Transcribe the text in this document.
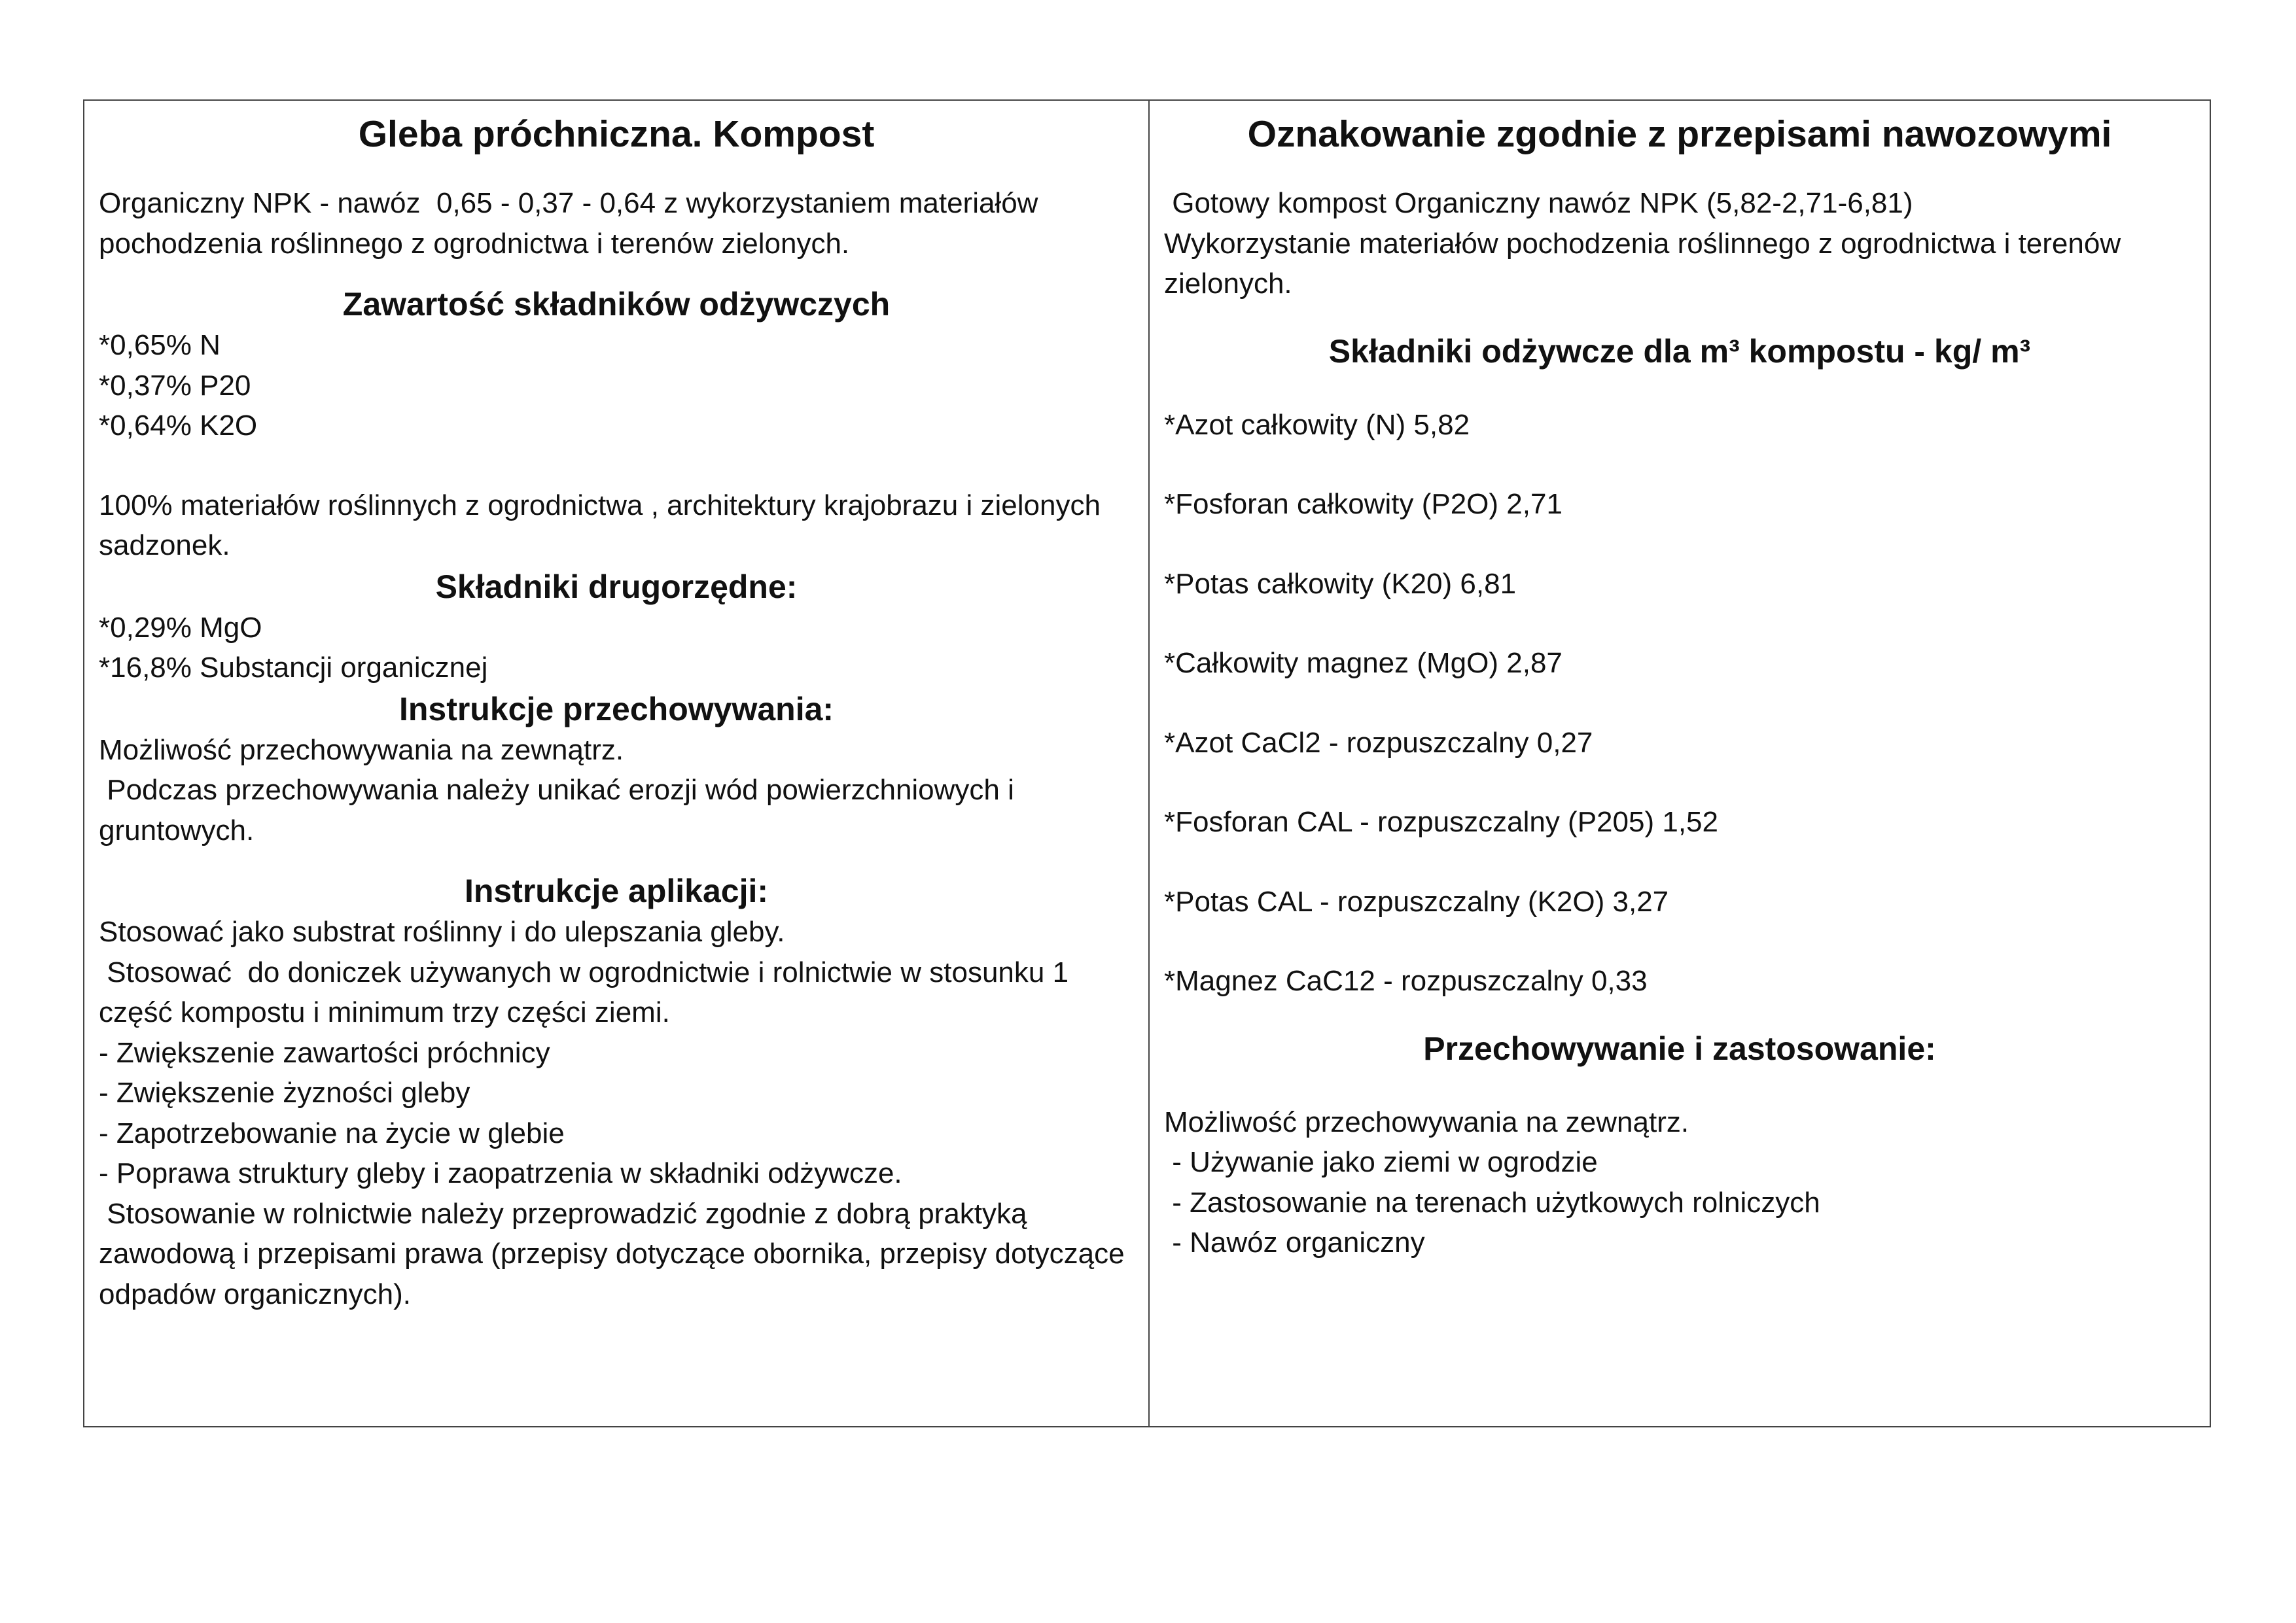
Gleba próchniczna. Kompost

Organiczny NPK - nawóz  0,65 - 0,37 - 0,64 z wykorzystaniem materiałów pochodzenia roślinnego z ogrodnictwa i terenów zielonych.

Zawartość składników odżywczych
*0,65% N
*0,37% P20
*0,64% K2O

100% materiałów roślinnych z ogrodnictwa , architektury krajobrazu i zielonych sadzonek.

Składniki drugorzędne:
*0,29% MgO
*16,8% Substancji organicznej
Instrukcje przechowywania:
Możliwość przechowywania na zewnątrz.
Podczas przechowywania należy unikać erozji wód powierzchniowych i gruntowych.
Instrukcje aplikacji:
Stosować jako substrat roślinny i do ulepszania gleby.
Stosować  do doniczek używanych w ogrodnictwie i rolnictwie w stosunku 1 część kompostu i minimum trzy części ziemi.
- Zwiększenie zawartości próchnicy
- Zwiększenie żyzności gleby
- Zapotrzebowanie na życie w glebie
- Poprawa struktury gleby i zaopatrzenia w składniki odżywcze.
Stosowanie w rolnictwie należy przeprowadzić zgodnie z dobrą praktyką zawodową i przepisami prawa (przepisy dotyczące obornika, przepisy dotyczące odpadów organicznych).
Oznakowanie zgodnie z przepisami nawozowymi
Gotowy kompost Organiczny nawóz NPK (5,82-2,71-6,81)
Wykorzystanie materiałów pochodzenia roślinnego z ogrodnictwa i terenów zielonych.
Składniki odżywcze dla m³ kompostu - kg/ m³
*Azot całkowity (N) 5,82
*Fosforan całkowity (P2O) 2,71
*Potas całkowity (K20) 6,81
*Całkowity magnez (MgO) 2,87
*Azot CaCl2 - rozpuszczalny 0,27
*Fosforan CAL - rozpuszczalny (P205) 1,52
*Potas CAL - rozpuszczalny (K2O) 3,27
*Magnez CaC12 - rozpuszczalny 0,33
Przechowywanie i zastosowanie:
Możliwość przechowywania na zewnątrz.
- Używanie jako ziemi w ogrodzie
- Zastosowanie na terenach użytkowych rolniczych
- Nawóz organiczny
